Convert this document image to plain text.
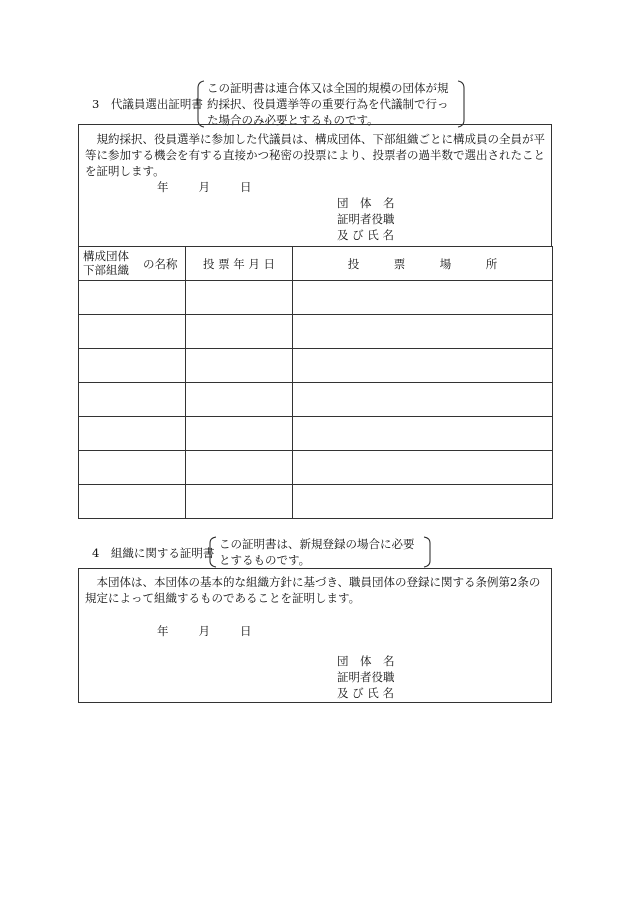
3　代議員選出証明書
この証明書は連合体又は全国的規模の団体が規
約採択、役員選挙等の重要行為を代議制で行っ
た場合のみ必要とするものです。
　規約採択、役員選挙に参加した代議員は、構成団体、下部組織ごとに構成員の全員が平
等に参加する機会を有する直接かつ秘密の投票により、投票者の過半数で選出されたこと
を証明します。
年	月	日
団　体　名
証明者役職
及 び 氏 名
構成団体
下部組織 の名称	投 票 年 月 日	投　　　票　　　場　　　所

4　組織に関する証明書
この証明書は、新規登録の場合に必要
とするものです。
　本団体は、本団体の基本的な組織方針に基づき、職員団体の登録に関する条例第2条の
規定によって組織するものであることを証明します。
年	月	日
団　体　名
証明者役職
及 び 氏 名
